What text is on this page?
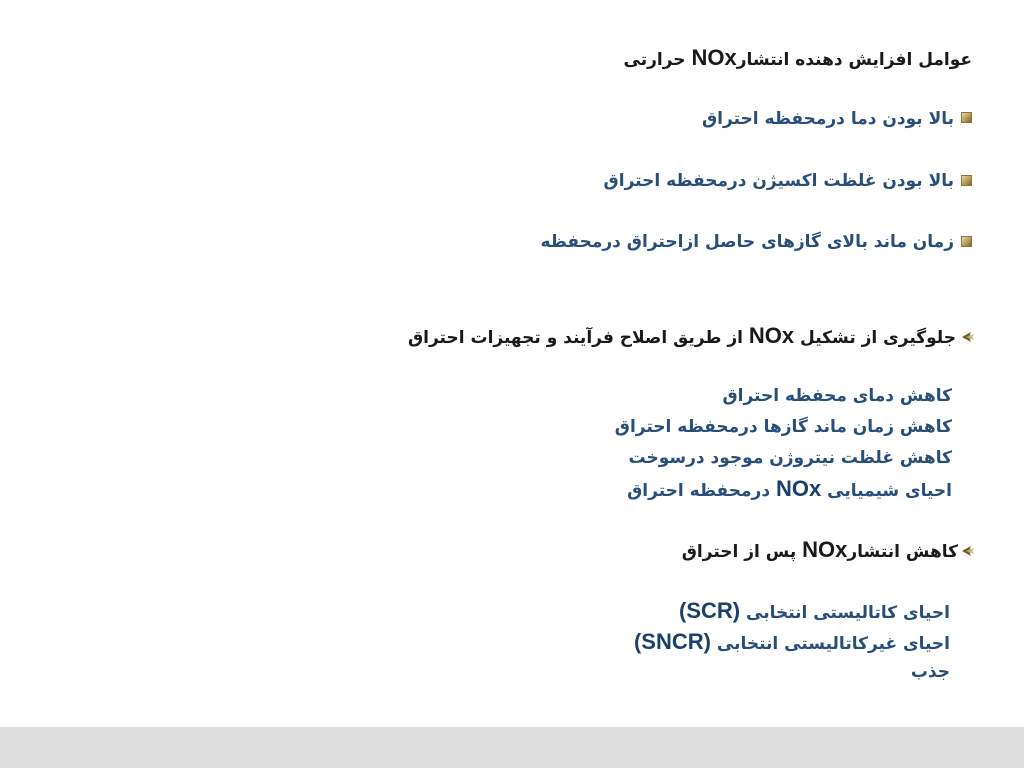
عوامل افزایش دهنده انتشارNOx حرارتی
بالا بودن دما درمحفظه احتراق
بالا بودن غلظت اکسیژن درمحفظه احتراق
زمان ماند بالای گازهای حاصل ازاحتراق درمحفظه
جلوگیری از تشکیل NOx از طریق اصلاح فرآیند و تجهیزات احتراق
کاهش دمای محفظه احتراق
کاهش زمان ماند گازها درمحفظه احتراق
کاهش غلظت نیتروژن موجود درسوخت
احیای شیمیایی NOx درمحفظه احتراق
کاهش انتشارNOx پس از احتراق
احیای کاتالیستی انتخابی (SCR)
احیای غیرکاتالیستی انتخابی (SNCR)
جذب
